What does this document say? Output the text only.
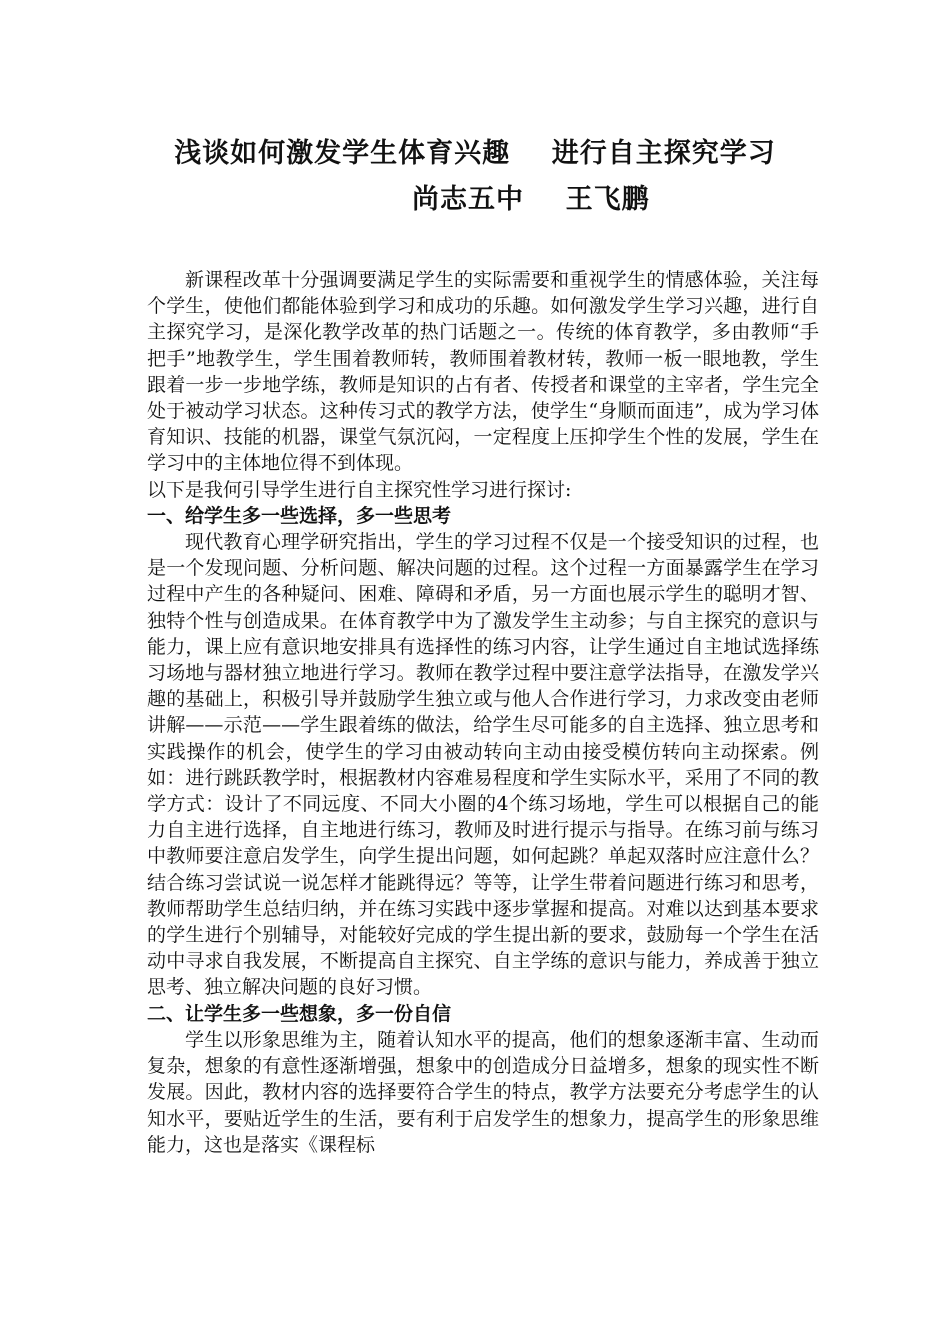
浅谈如何激发学生体育兴趣    进行自主探究学习
尚志五中    王飞鹏

新课程改革十分强调要满足学生的实际需要和重视学生的情感体验，关注每个学生，使他们都能体验到学习和成功的乐趣。如何激发学生学习兴趣，进行自主探究学习，是深化教学改革的热门话题之一。传统的体育教学，多由教师“手把手”地教学生，学生围着教师转，教师围着教材转，教师一板一眼地教，学生跟着一步一步地学练，教师是知识的占有者、传授者和课堂的主宰者，学生完全处于被动学习状态。这种传习式的教学方法，使学生“身顺而面违”，成为学习体育知识、技能的机器，课堂气氛沉闷，一定程度上压抑学生个性的发展，学生在学习中的主体地位得不到体现。

以下是我何引导学生进行自主探究性学习进行探讨:

一、给学生多一些选择，多一些思考

现代教育心理学研究指出，学生的学习过程不仅是一个接受知识的过程，也是一个发现问题、分析问题、解决问题的过程。这个过程一方面暴露学生在学习过程中产生的各种疑问、困难、障碍和矛盾，另一方面也展示学生的聪明才智、独特个性与创造成果。在体育教学中为了激发学生主动参；与自主探究的意识与能力，课上应有意识地安排具有选择性的练习内容，让学生通过自主地试选择练习场地与器材独立地进行学习。教师在教学过程中要注意学法指导，在激发学兴趣的基础上，积极引导并鼓励学生独立或与他人合作进行学习，力求改变由老师讲解——示范——学生跟着练的做法，给学生尽可能多的自主选择、独立思考和实践操作的机会，使学生的学习由被动转向主动由接受模仿转向主动探索。例如：进行跳跃教学时，根据教材内容难易程度和学生实际水平，采用了不同的教学方式：设计了不同远度、不同大小圈的4个练习场地，学生可以根据自己的能力自主进行选择，自主地进行练习，教师及时进行提示与指导。在练习前与练习中教师要注意启发学生，向学生提出问题，如何起跳？单起双落时应注意什么？结合练习尝试说一说怎样才能跳得远？等等，让学生带着问题进行练习和思考，教师帮助学生总结归纳，并在练习实践中逐步掌握和提高。对难以达到基本要求的学生进行个别辅导，对能较好完成的学生提出新的要求，鼓励每一个学生在活动中寻求自我发展，不断提高自主探究、自主学练的意识与能力，养成善于独立思考、独立解决问题的良好习惯。

二、让学生多一些想象，多一份自信

学生以形象思维为主，随着认知水平的提高，他们的想象逐渐丰富、生动而复杂，想象的有意性逐渐增强，想象中的创造成分日益增多，想象的现实性不断发展。因此，教材内容的选择要符合学生的特点，教学方法要充分考虑学生的认知水平，要贴近学生的生活，要有利于启发学生的想象力，提高学生的形象思维能力，这也是落实《课程标
